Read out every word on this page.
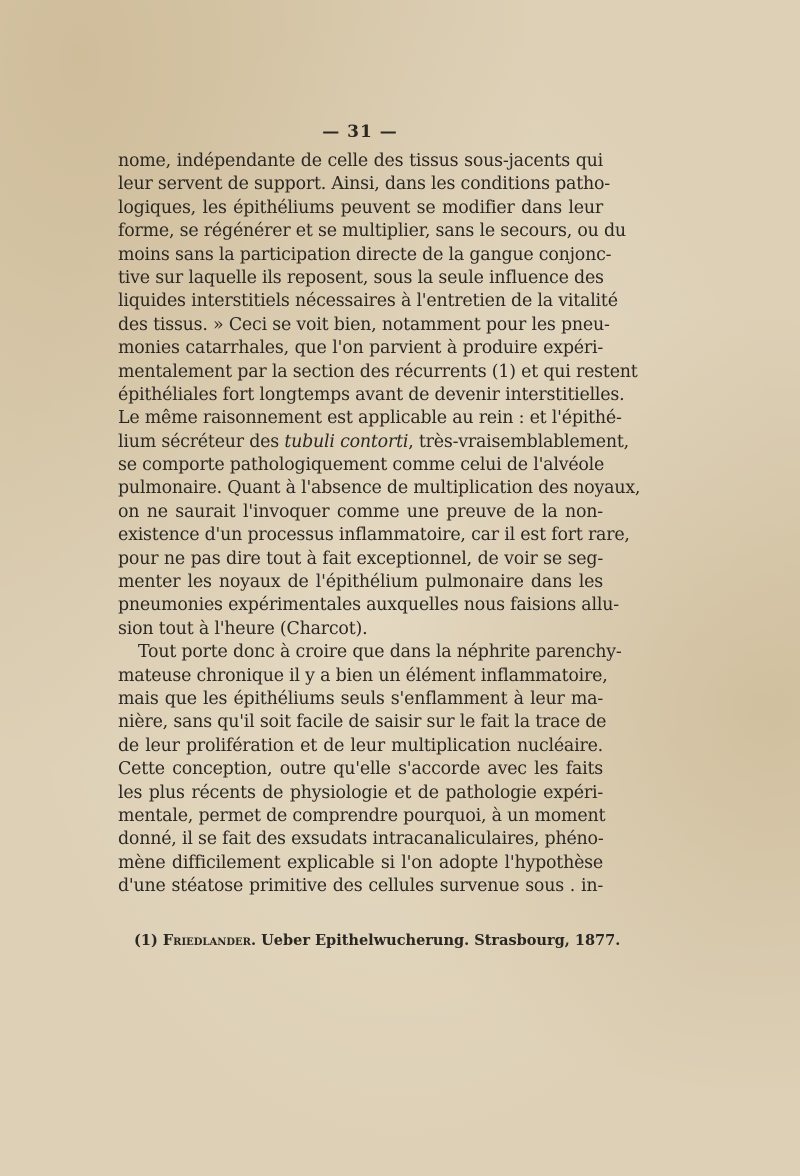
— 31 —
nome, indépendante de celle des tissus sous-jacents qui
leur servent de support. Ainsi, dans les conditions patho-
logiques, les épithéliums peuvent se modifier dans leur
forme, se régénérer et se multiplier, sans le secours, ou du
moins sans la participation directe de la gangue conjonc-
tive sur laquelle ils reposent, sous la seule influence des
liquides interstitiels nécessaires à l'entretien de la vitalité
des tissus. » Ceci se voit bien, notamment pour les pneu-
monies catarrhales, que l'on parvient à produire expéri-
mentalement par la section des récurrents (1) et qui restent
épithéliales fort longtemps avant de devenir interstitielles.
Le même raisonnement est applicable au rein : et l'épithé-
lium sécréteur des tubuli contorti, très-vraisemblablement,
se comporte pathologiquement comme celui de l'alvéole
pulmonaire. Quant à l'absence de multiplication des noyaux,
on ne saurait l'invoquer comme une preuve de la non-
existence d'un processus inflammatoire, car il est fort rare,
pour ne pas dire tout à fait exceptionnel, de voir se seg-
menter les noyaux de l'épithélium pulmonaire dans les
pneumonies expérimentales auxquelles nous faisions allu-
sion tout à l'heure (Charcot).
Tout porte donc à croire que dans la néphrite parenchy-
mateuse chronique il y a bien un élément inflammatoire,
mais que les épithéliums seuls s'enflamment à leur ma-
nière, sans qu'il soit facile de saisir sur le fait la trace de
de leur prolifération et de leur multiplication nucléaire.
Cette conception, outre qu'elle s'accorde avec les faits
les plus récents de physiologie et de pathologie expéri-
mentale, permet de comprendre pourquoi, à un moment
donné, il se fait des exsudats intracanaliculaires, phéno-
mène difficilement explicable si l'on adopte l'hypothèse
d'une stéatose primitive des cellules survenue sous . in-
(1) Friedlander. Ueber Epithelwucherung. Strasbourg, 1877.
